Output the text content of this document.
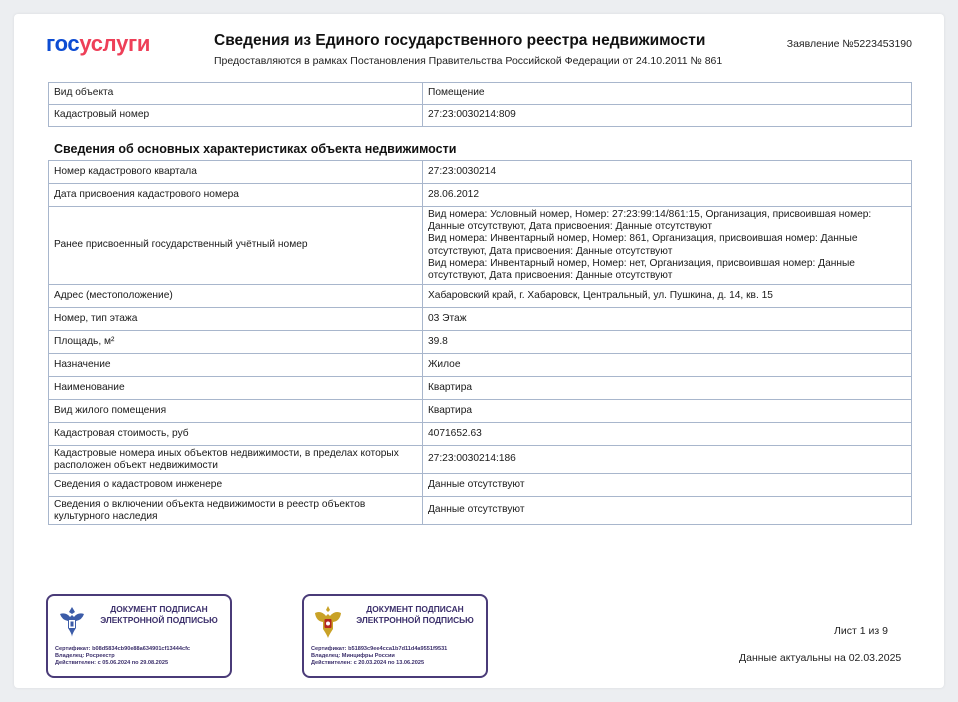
госуслуги	Сведения из Единого государственного реестра недвижимости
Предоставляются в рамках Постановления Правительства Российской Федерации от 24.10.2011 № 861
Заявление №5223453190
Вид объекта	Помещение
Кадастровый номер	27:23:0030214:809
Сведения об основных характеристиках объекта недвижимости
Номер кадастрового квартала	27:23:0030214
Дата присвоения кадастрового номера	28.06.2012
Ранее присвоенный государственный учётный номер	Вид номера: Условный номер, Номер: 27:23:99:14/861:15, Организация, присвоившая номер: Данные отсутствуют, Дата присвоения: Данные отсутствуют
Вид номера: Инвентарный номер, Номер: 861, Организация, присвоившая номер: Данные отсутствуют, Дата присвоения: Данные отсутствуют
Вид номера: Инвентарный номер, Номер: нет, Организация, присвоившая номер: Данные отсутствуют, Дата присвоения: Данные отсутствуют
Адрес (местоположение)	Хабаровский край, г. Хабаровск, Центральный, ул. Пушкина, д. 14, кв. 15
Номер, тип этажа	03 Этаж
Площадь, м²	39.8
Назначение	Жилое
Наименование	Квартира
Вид жилого помещения	Квартира
Кадастровая стоимость, руб	4071652.63
Кадастровые номера иных объектов недвижимости, в пределах которых расположен объект недвижимости	27:23:0030214:186
Сведения о кадастровом инженере	Данные отсутствуют
Сведения о включении объекта недвижимости в реестр объектов культурного наследия	Данные отсутствуют
ДОКУМЕНТ ПОДПИСАН ЭЛЕКТРОННОЙ ПОДПИСЬЮ
Сертификат: b08d5834cb90e88a634901cf13444cfc
Владелец: Росреестр
Действителен: с 05.06.2024 по 29.08.2025
ДОКУМЕНТ ПОДПИСАН ЭЛЕКТРОННОЙ ПОДПИСЬЮ
Сертификат: b51893c9ee4cca1b7d11d4a9551f9531
Владелец: Минцифры России
Действителен: с 20.03.2024 по 13.06.2025
Лист 1 из 9
Данные актуальны на 02.03.2025
